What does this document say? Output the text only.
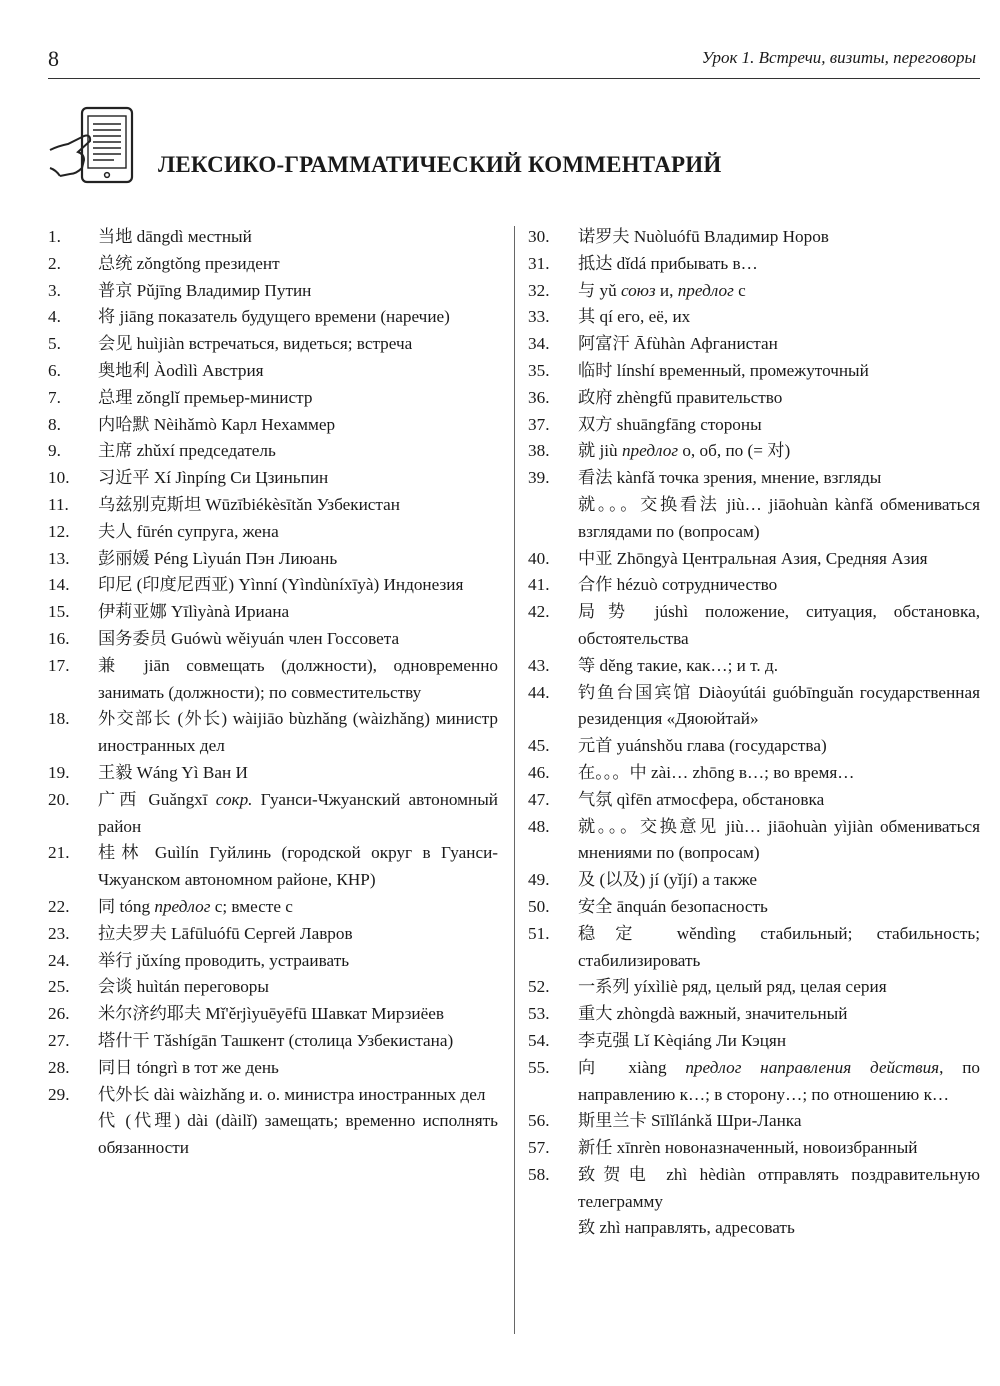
8	Урок 1. Встречи, визиты, переговоры
ЛЕКСИКО-ГРАММАТИЧЕСКИЙ КОММЕНТАРИЙ
1. 当地 dāngdì местный
2. 总统 zǒngtǒng президент
3. 普京 Pǔjīng Владимир Путин
4. 将 jiāng показатель будущего времени (наречие)
5. 会见 huìjiàn встречаться, видеться; встреча
6. 奥地利 Àodìlì Австрия
7. 总理 zǒnglǐ премьер-министр
8. 内哈默 Nèihǎmò Карл Нехаммер
9. 主席 zhǔxí председатель
10. 习近平 Xí Jìnpíng Си Цзиньпин
11. 乌兹别克斯坦 Wūzībiékèsītǎn Узбекистан
12. 夫人 fūrén супруга, жена
13. 彭丽媛 Péng Lìyuán Пэн Лиюань
14. 印尼 (印度尼西亚) Yìnní (Yìndùníxīyà) Индонезия
15. 伊莉亚娜 Yīlìyànà Ириана
16. 国务委员 Guówù wěiyuán член Госсовета
17. 兼 jiān совмещать (должности), одновременно занимать (должности); по совместительству
18. 外交部长 (外长) wàijiāo bùzhǎng (wàizhǎng) министр иностранных дел
19. 王毅 Wáng Yì Ван И
20. 广西 Guǎngxī сокр. Гуанси-Чжуанский автономный район
21. 桂林 Guìlín Гуйлинь (городской округ в Гуанси-Чжуанском автономном районе, КНР)
22. 同 tóng предлог с; вместе с
23. 拉夫罗夫 Lāfūluófū Сергей Лавров
24. 举行 jǔxíng проводить, устраивать
25. 会谈 huìtán переговоры
26. 米尔济约耶夫 Mǐ'ěrjìyuēyēfū Шавкат Мирзиёев
27. 塔什干 Tǎshígān Ташкент (столица Узбекистана)
28. 同日 tóngrì в тот же день
29. 代外长 dài wàizhǎng и. о. министра иностранных дел
代 (代理) dài (dàilǐ) замещать; временно исполнять обязанности
30. 诺罗夫 Nuòluófū Владимир Норов
31. 抵达 dǐdá прибывать в…
32. 与 yǔ союз и, предлог с
33. 其 qí его, её, их
34. 阿富汗 Āfùhàn Афганистан
35. 临时 línshí временный, промежуточный
36. 政府 zhèngfǔ правительство
37. 双方 shuāngfāng стороны
38. 就 jiù предлог о, об, по (= 对)
39. 看法 kànfǎ точка зрения, мнение, взгляды
就。。。交换看法 jiù… jiāohuàn kànfǎ обмениваться взглядами по (вопросам)
40. 中亚 Zhōngyà Центральная Азия, Средняя Азия
41. 合作 hézuò сотрудничество
42. 局势 júshì положение, ситуация, обстановка, обстоятельства
43. 等 děng такие, как…; и т. д.
44. 钓鱼台国宾馆 Diàoyútái guóbīnguǎn государственная резиденция «Дяоюйтай»
45. 元首 yuánshǒu глава (государства)
46. 在。。。中 zài… zhōng в…; во время…
47. 气氛 qìfēn атмосфера, обстановка
48. 就。。。交换意见 jiù… jiāohuàn yìjiàn обмениваться мнениями по (вопросам)
49. 及 (以及) jí (yǐjí) а также
50. 安全 ānquán безопасность
51. 稳定 wěndìng стабильный; стабильность; стабилизировать
52. 一系列 yíxìliè ряд, целый ряд, целая серия
53. 重大 zhòngdà важный, значительный
54. 李克强 Lǐ Kèqiáng Ли Кэцян
55. 向 xiàng предлог направления действия, по направлению к…; в сторону…; по отношению к…
56. 斯里兰卡 Sīlǐlánkǎ Шри-Ланка
57. 新任 xīnrèn новоназначенный, новоизбранный
58. 致贺电 zhì hèdiàn отправлять поздравительную телеграмму
致 zhì направлять, адресовать
